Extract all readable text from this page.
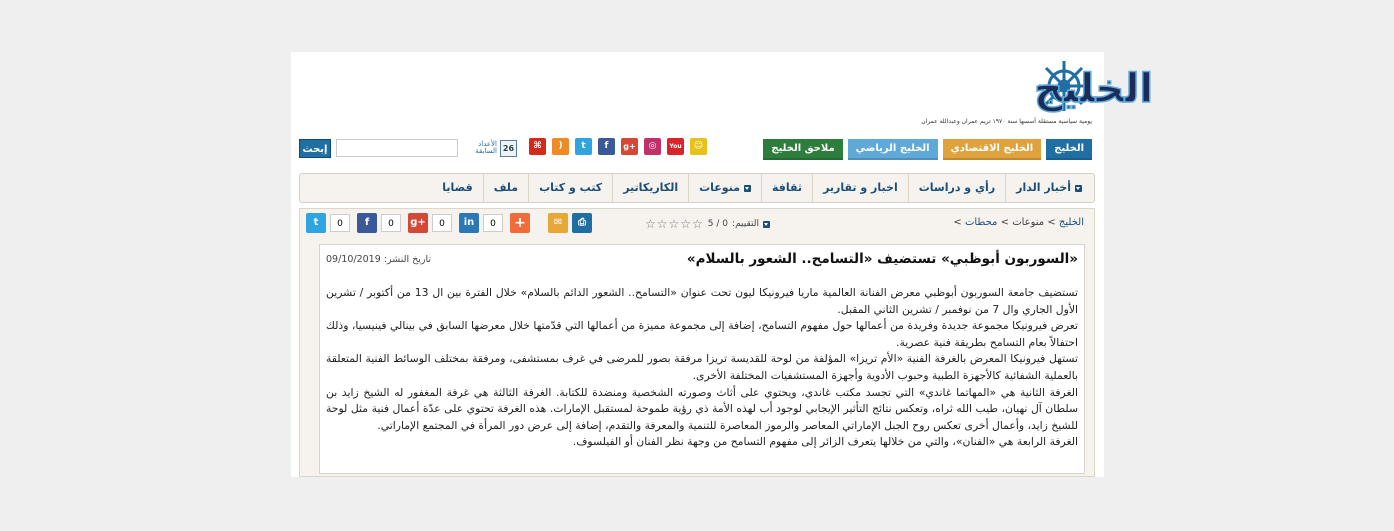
الخليج
يومية سياسية مستقلة أسسها سنة ١٩٧٠ تريم عمران وعبدالله عمران
الخليج
الخليج الاقتصادي
الخليج الرياضي
ملاحق الخليج
⌘	)	t	f	g+	◎	You	☺
الأعداد السابقة 26
إبحث
أخبار الدار
رأي و دراسات
اخبار و تقارير
ثقافة
منوعات
الكاريكاتير
كتب و كتاب
ملف
قضايا
الخليج > منوعات > محطات >
التقييم:
0 / 5
☆☆☆☆☆
t	0	f	0	g+	0	in	0	+	✉	⎙
«السوربون أبوظبي» تستضيف «التسامح.. الشعور بالسلام»
تاريخ النشر: 09/10/2019

تستضيف جامعة السوربون أبوظبي معرض الفنانة العالمية ماريا فيرونيكا ليون تحت عنوان «التسامح.. الشعور الدائم بالسلام» خلال الفترة بين ال 13 من أكتوبر / تشرين الأول الجاري وال 7 من نوفمبر / تشرين الثاني المقبل.

تعرض فيرونيكا مجموعة جديدة وفريدة من أعمالها حول مفهوم التسامح، إضافة إلى مجموعة مميزة من أعمالها التي قدّمتها خلال معرضها السابق في بينالي فينيسيا، وذلك احتفالاً بعام التسامح بطريقة فنية عصرية.

تستهل فيرونيكا المعرض بالغرفة الفنية «الأم تريزا» المؤلفة من لوحة للقديسة تريزا مرفقة بصور للمرضى في غرف بمستشفى، ومرفقة بمختلف الوسائط الفنية المتعلقة بالعملية الشفائية كالأجهزة الطبية وحبوب الأدوية وأجهزة المستشفيات المختلفة الأخرى.

الغرفة الثانية هي «المهاتما غاندي» التي تجسد مكتب غاندي، ويحتوي على أثاث وصورته الشخصية ومنضدة للكتابة. الغرفة الثالثة هي غرفة المغفور له الشيخ زايد بن سلطان آل نهيان، طيب الله ثراه، وتعكس نتائج التأثير الإيجابي لوجود أب لهذه الأمة ذي رؤية طموحة لمستقبل الإمارات. هذه الغرفة تحتوي على عدّة أعمال فنية مثل لوحة للشيخ زايد، وأعمال أخرى تعكس روح الجبل الإماراتي المعاصر والرموز المعاصرة للتنمية والمعرفة والتقدم، إضافة إلى عرض دور المرأة في المجتمع الإماراتي.

الغرفة الرابعة هي «الفنان»، والتي من خلالها يتعرف الزائر إلى مفهوم التسامح من وجهة نظر الفنان أو الفيلسوف.
